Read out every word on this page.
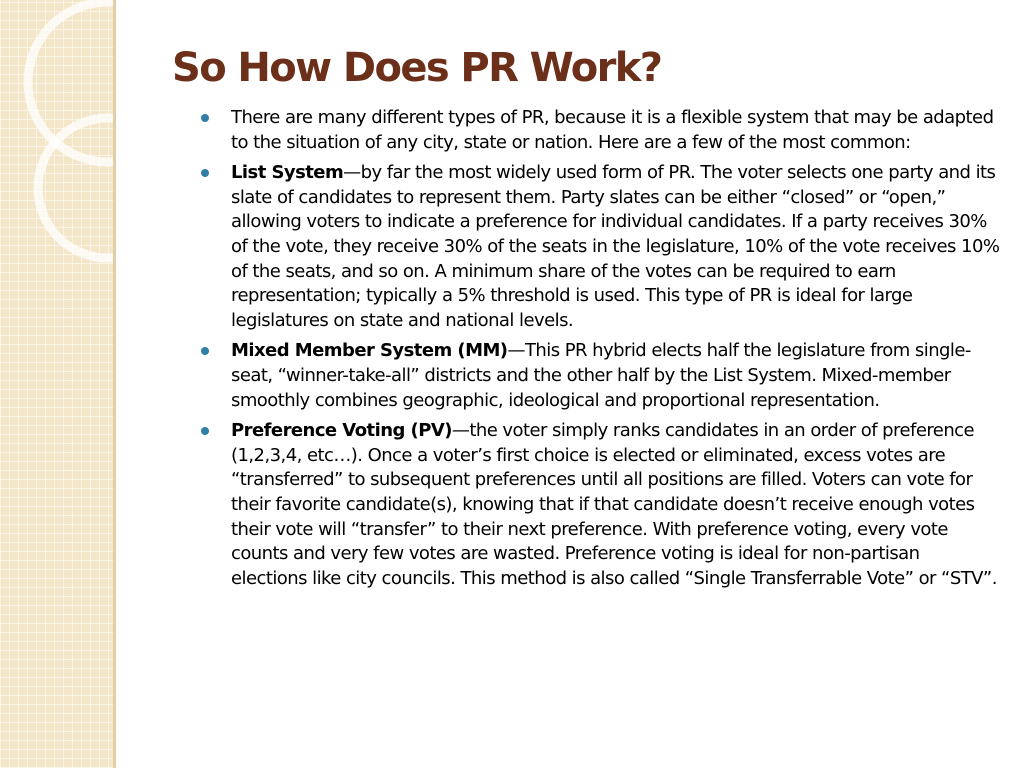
So How Does PR Work?
There are many different types of PR, because it is a flexible system that may be adapted to the situation of any city, state or nation. Here are a few of the most common:
List System—by far the most widely used form of PR. The voter selects one party and its slate of candidates to represent them. Party slates can be either “closed” or “open,” allowing voters to indicate a preference for individual candidates. If a party receives 30% of the vote, they receive 30% of the seats in the legislature, 10% of the vote receives 10% of the seats, and so on. A minimum share of the votes can be required to earn representation; typically a 5% threshold is used. This type of PR is ideal for large legislatures on state and national levels.
Mixed Member System (MM)—This PR hybrid elects half the legislature from single-seat, “winner-take-all” districts and the other half by the List System. Mixed-member smoothly combines geographic, ideological and proportional representation.
Preference Voting (PV)—the voter simply ranks candidates in an order of preference (1,2,3,4, etc…). Once a voter’s first choice is elected or eliminated, excess votes are “transferred” to subsequent preferences until all positions are filled. Voters can vote for their favorite candidate(s), knowing that if that candidate doesn’t receive enough votes their vote will “transfer” to their next preference. With preference voting, every vote counts and very few votes are wasted. Preference voting is ideal for non-partisan elections like city councils. This method is also called “Single Transferrable Vote” or “STV”.
